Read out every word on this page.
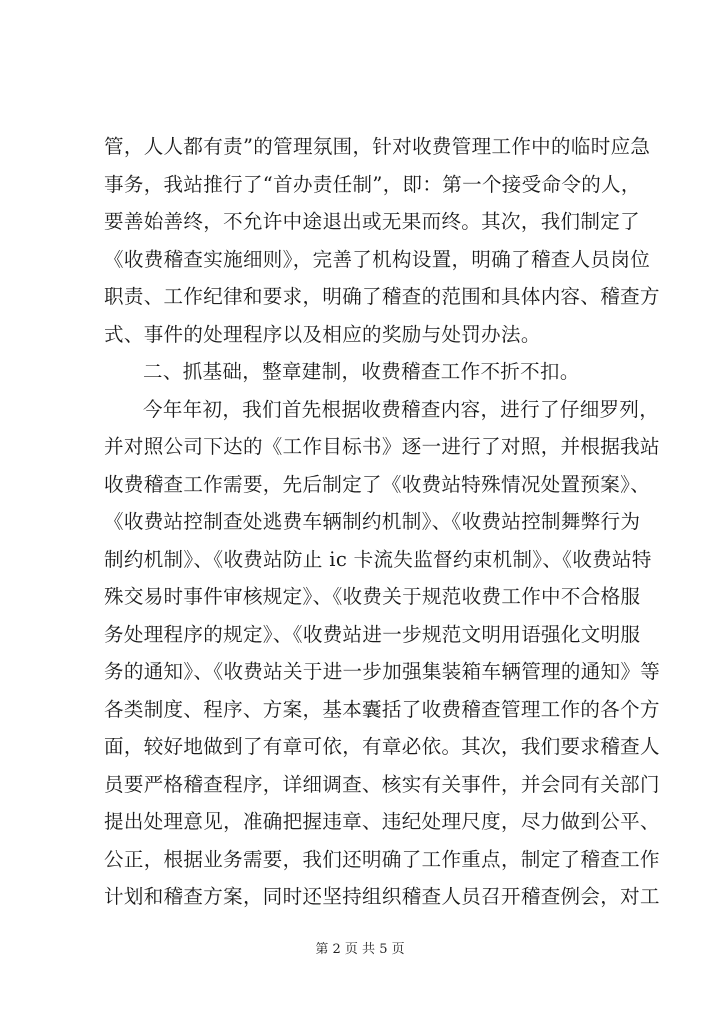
管，人人都有责”的管理氛围，针对收费管理工作中的临时应急
事务，我站推行了“首办责任制”，即：第一个接受命令的人，
要善始善终，不允许中途退出或无果而终。其次，我们制定了
《收费稽查实施细则》，完善了机构设置，明确了稽查人员岗位
职责、工作纪律和要求，明确了稽查的范围和具体内容、稽查方
式、事件的处理程序以及相应的奖励与处罚办法。
二、抓基础，整章建制，收费稽查工作不折不扣。
今年年初，我们首先根据收费稽查内容，进行了仔细罗列，
并对照公司下达的《工作目标书》逐一进行了对照，并根据我站
收费稽查工作需要，先后制定了《收费站特殊情况处置预案》、
《收费站控制查处逃费车辆制约机制》、《收费站控制舞弊行为
制约机制》、《收费站防止 ic 卡流失监督约束机制》、《收费站特
殊交易时事件审核规定》、《收费关于规范收费工作中不合格服
务处理程序的规定》、《收费站进一步规范文明用语强化文明服
务的通知》、《收费站关于进一步加强集装箱车辆管理的通知》等
各类制度、程序、方案，基本囊括了收费稽查管理工作的各个方
面，较好地做到了有章可依，有章必依。其次，我们要求稽查人
员要严格稽查程序，详细调查、核实有关事件，并会同有关部门
提出处理意见，准确把握违章、违纪处理尺度，尽力做到公平、
公正，根据业务需要，我们还明确了工作重点，制定了稽查工作
计划和稽查方案，同时还坚持组织稽查人员召开稽查例会，对工
第 2 页 共 5 页
